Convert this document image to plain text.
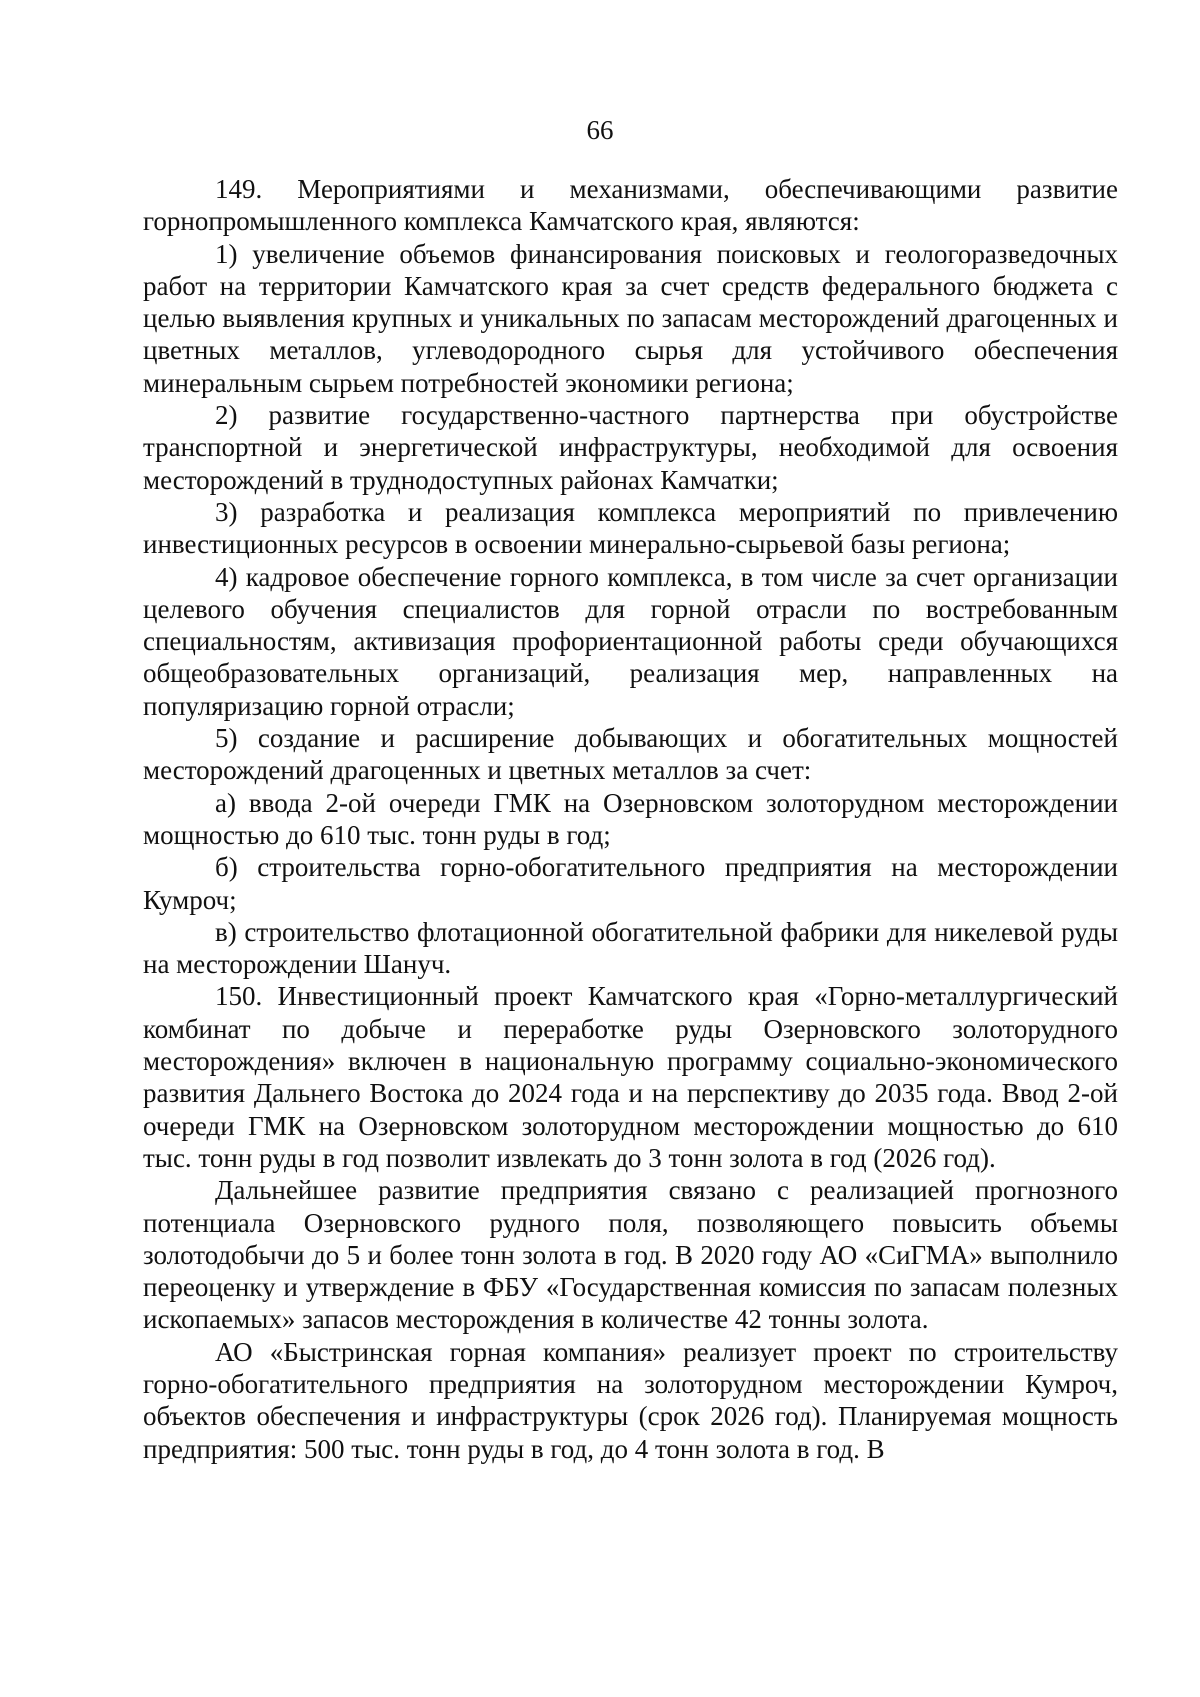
66

149. Мероприятиями и механизмами, обеспечивающими развитие горнопромышленного комплекса Камчатского края, являются:

1) увеличение объемов финансирования поисковых и геологоразведочных работ на территории Камчатского края за счет средств федерального бюджета с целью выявления крупных и уникальных по запасам месторождений драгоценных и цветных металлов, углеводородного сырья для устойчивого обеспечения минеральным сырьем потребностей экономики региона;

2) развитие государственно-частного партнерства при обустройстве транспортной и энергетической инфраструктуры, необходимой для освоения месторождений в труднодоступных районах Камчатки;

3) разработка и реализация комплекса мероприятий по привлечению инвестиционных ресурсов в освоении минерально-сырьевой базы региона;

4) кадровое обеспечение горного комплекса, в том числе за счет организации целевого обучения специалистов для горной отрасли по востребованным специальностям, активизация профориентационной работы среди обучающихся общеобразовательных организаций, реализация мер, направленных на популяризацию горной отрасли;

5) создание и расширение добывающих и обогатительных мощностей месторождений драгоценных и цветных металлов за счет:

а) ввода 2-ой очереди ГМК на Озерновском золоторудном месторождении мощностью до 610 тыс. тонн руды в год;

б) строительства горно-обогатительного предприятия на месторождении Кумроч;

в) строительство флотационной обогатительной фабрики для никелевой руды на месторождении Шануч.

150. Инвестиционный проект Камчатского края «Горно-металлургический комбинат по добыче и переработке руды Озерновского золоторудного месторождения» включен в национальную программу социально-экономического развития Дальнего Востока до 2024 года и на перспективу до 2035 года. Ввод 2-ой очереди ГМК на Озерновском золоторудном месторождении мощностью до 610 тыс. тонн руды в год позволит извлекать до 3 тонн золота в год (2026 год).

Дальнейшее развитие предприятия связано с реализацией прогнозного потенциала Озерновского рудного поля, позволяющего повысить объемы золотодобычи до 5 и более тонн золота в год. В 2020 году АО «СиГМА» выполнило переоценку и утверждение в ФБУ «Государственная комиссия по запасам полезных ископаемых» запасов месторождения в количестве 42 тонны золота.

АО «Быстринская горная компания» реализует проект по строительству горно-обогатительного предприятия на золоторудном месторождении Кумроч, объектов обеспечения и инфраструктуры (срок 2026 год). Планируемая мощность предприятия: 500 тыс. тонн руды в год, до 4 тонн золота в год. В
